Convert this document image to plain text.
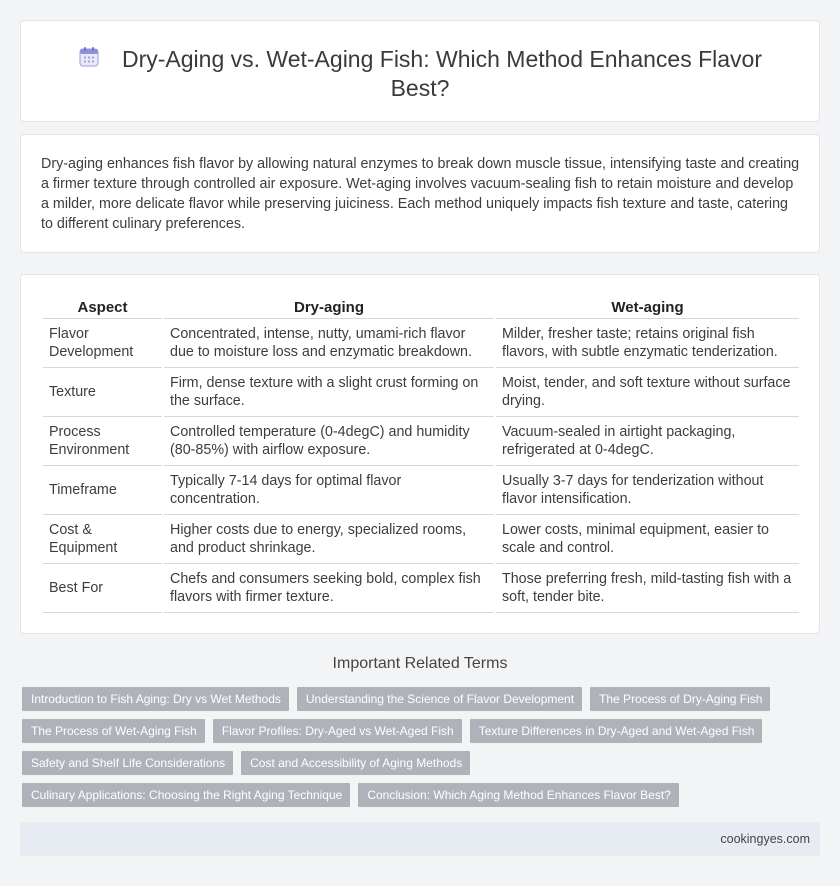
Dry-Aging vs. Wet-Aging Fish: Which Method Enhances Flavor Best?

Dry-aging enhances fish flavor by allowing natural enzymes to break down muscle tissue, intensifying taste and creating a firmer texture through controlled air exposure. Wet-aging involves vacuum-sealing fish to retain moisture and develop a milder, more delicate flavor while preserving juiciness. Each method uniquely impacts fish texture and taste, catering to different culinary preferences.

Aspect	Dry-aging	Wet-aging
Flavor Development	Concentrated, intense, nutty, umami-rich flavor due to moisture loss and enzymatic breakdown.	Milder, fresher taste; retains original fish flavors, with subtle enzymatic tenderization.
Texture	Firm, dense texture with a slight crust forming on the surface.	Moist, tender, and soft texture without surface drying.
Process Environment	Controlled temperature (0-4degC) and humidity (80-85%) with airflow exposure.	Vacuum-sealed in airtight packaging, refrigerated at 0-4degC.
Timeframe	Typically 7-14 days for optimal flavor concentration.	Usually 3-7 days for tenderization without flavor intensification.
Cost & Equipment	Higher costs due to energy, specialized rooms, and product shrinkage.	Lower costs, minimal equipment, easier to scale and control.
Best For	Chefs and consumers seeking bold, complex fish flavors with firmer texture.	Those preferring fresh, mild-tasting fish with a soft, tender bite.
Important Related Terms
Introduction to Fish Aging: Dry vs Wet Methods	Understanding the Science of Flavor Development	The Process of Dry-Aging Fish
The Process of Wet-Aging Fish	Flavor Profiles: Dry-Aged vs Wet-Aged Fish	Texture Differences in Dry-Aged and Wet-Aged Fish
Safety and Shelf Life Considerations	Cost and Accessibility of Aging Methods
Culinary Applications: Choosing the Right Aging Technique	Conclusion: Which Aging Method Enhances Flavor Best?
cookingyes.com
